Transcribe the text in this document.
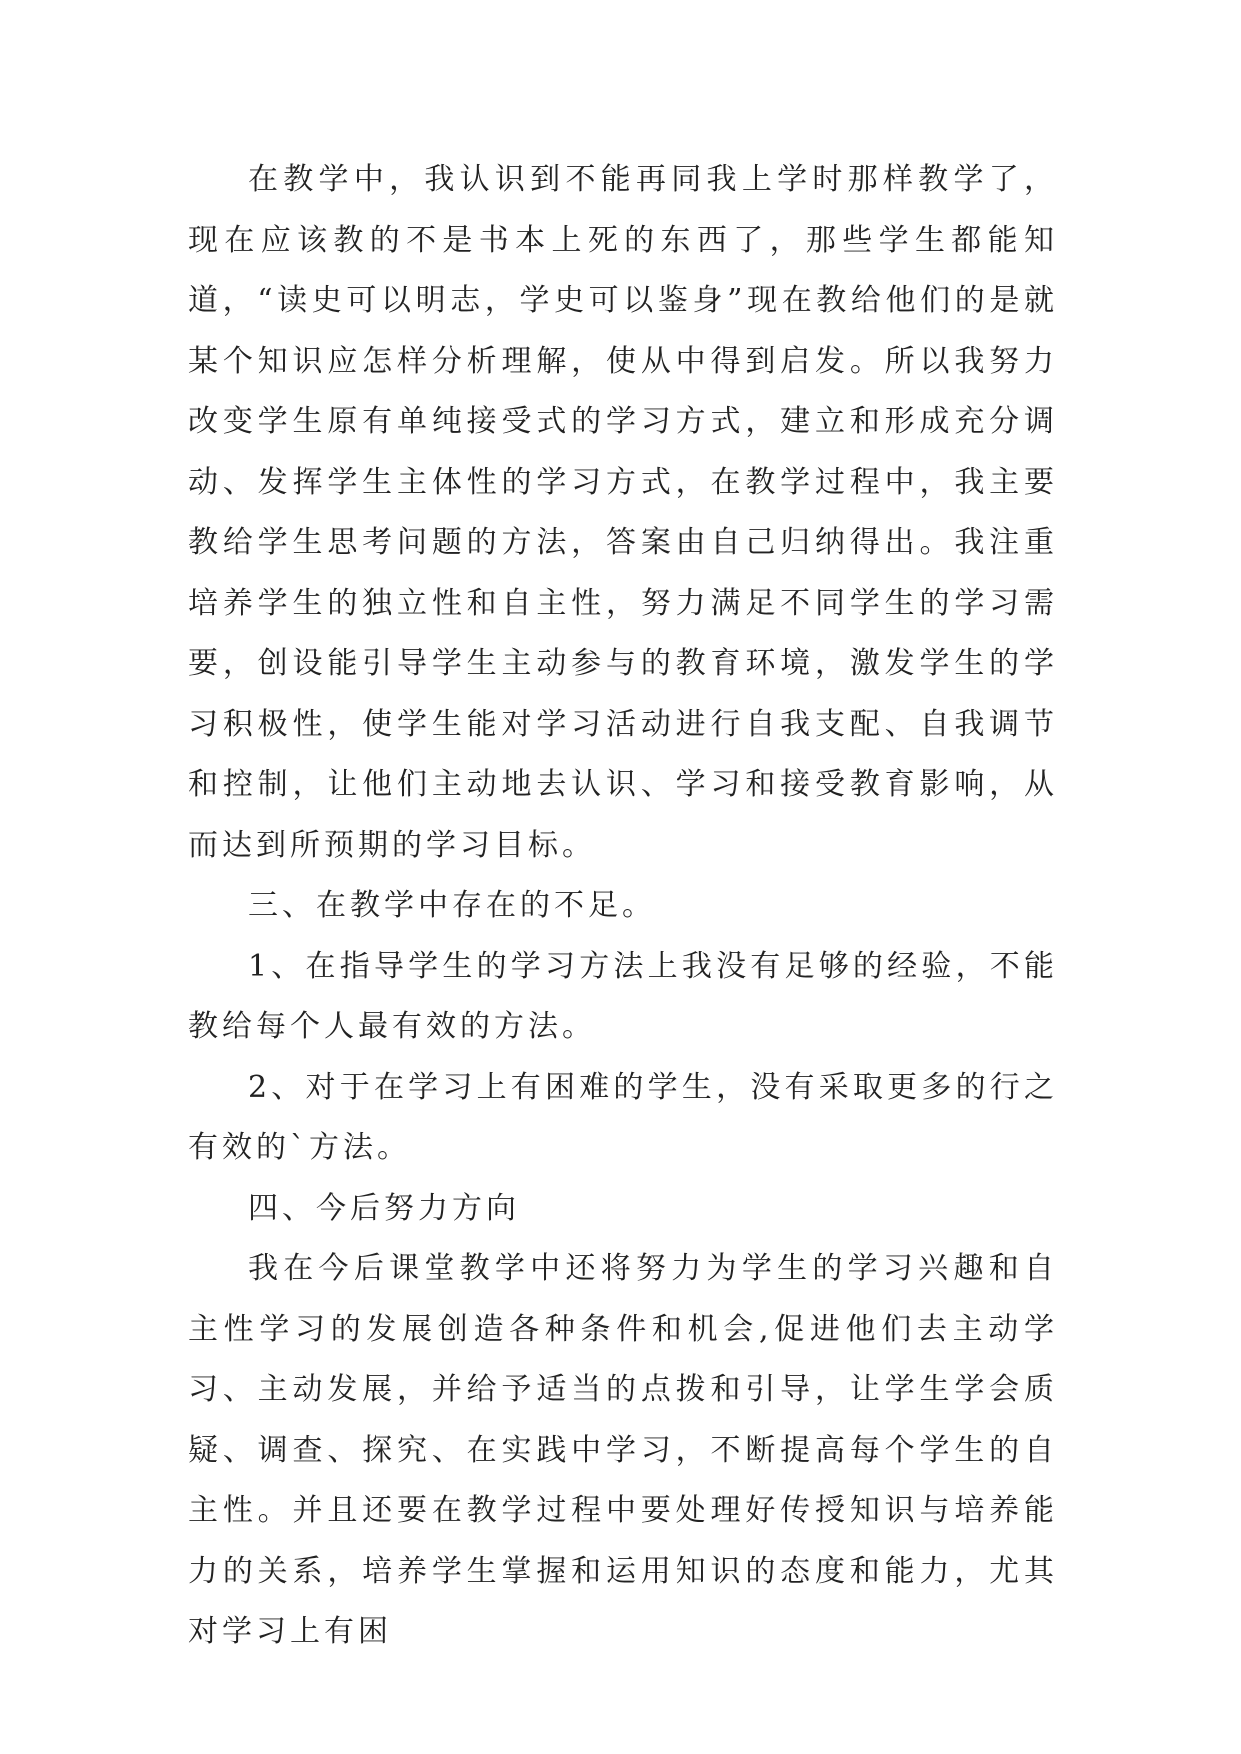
在教学中，我认识到不能再同我上学时那样教学了，现在应该教的不是书本上死的东西了，那些学生都能知道，“读史可以明志，学史可以鉴身”现在教给他们的是就某个知识应怎样分析理解，使从中得到启发。所以我努力改变学生原有单纯接受式的学习方式，建立和形成充分调动、发挥学生主体性的学习方式，在教学过程中，我主要教给学生思考问题的方法，答案由自己归纳得出。我注重培养学生的独立性和自主性，努力满足不同学生的学习需要，创设能引导学生主动参与的教育环境，激发学生的学习积极性，使学生能对学习活动进行自我支配、自我调节和控制，让他们主动地去认识、学习和接受教育影响，从而达到所预期的学习目标。

三、在教学中存在的不足。

1、在指导学生的学习方法上我没有足够的经验，不能教给每个人最有效的方法。

2、对于在学习上有困难的学生，没有采取更多的行之有效的`方法。

四、今后努力方向

我在今后课堂教学中还将努力为学生的学习兴趣和自主性学习的发展创造各种条件和机会,促进他们去主动学习、主动发展，并给予适当的点拨和引导，让学生学会质疑、调查、探究、在实践中学习，不断提高每个学生的自主性。并且还要在教学过程中要处理好传授知识与培养能力的关系，培养学生掌握和运用知识的态度和能力，尤其对学习上有困
